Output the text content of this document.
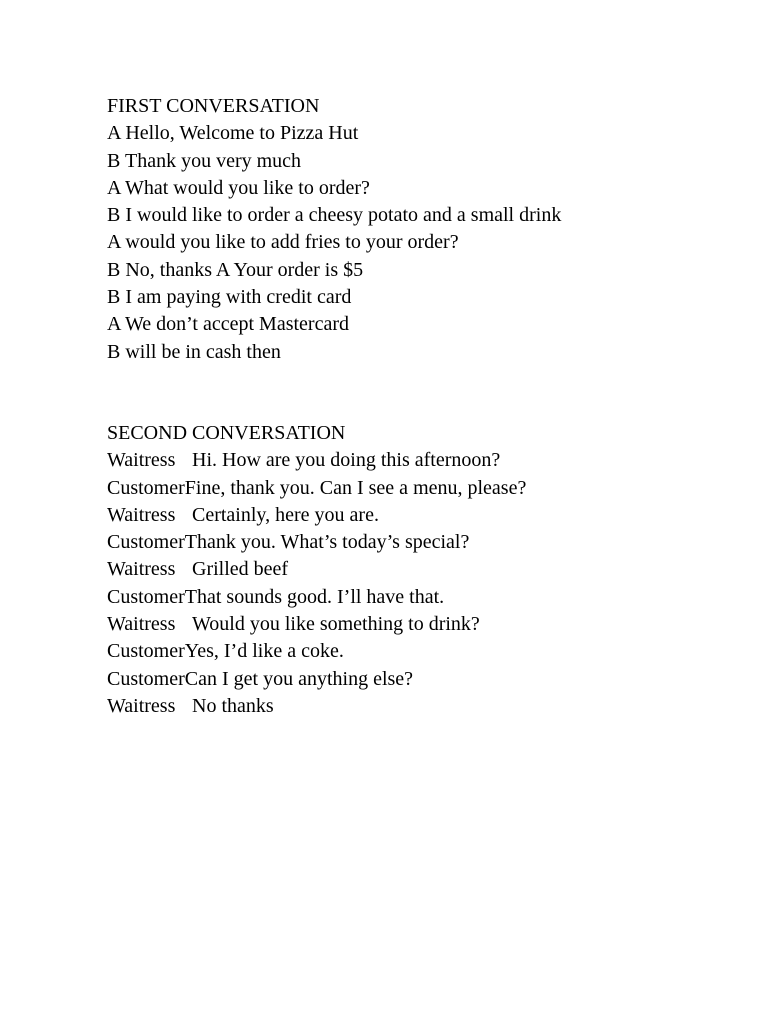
FIRST CONVERSATION
A Hello, Welcome to Pizza Hut
B Thank you very much
A What would you like to order?
B I would like to order a cheesy potato and a small drink
A would you like to add fries to your order?
B No, thanks A Your order is $5
B I am paying with credit card
A We don’t accept Mastercard
B will be in cash then
SECOND CONVERSATION
Waitress Hi. How are you doing this afternoon?
CustomerFine, thank you. Can I see a menu, please?
Waitress Certainly, here you are.
CustomerThank you. What’s today’s special?
Waitress Grilled beef
CustomerThat sounds good. I’ll have that.
Waitress Would you like something to drink?
CustomerYes, I’d like a coke.
CustomerCan I get you anything else?
Waitress No thanks
